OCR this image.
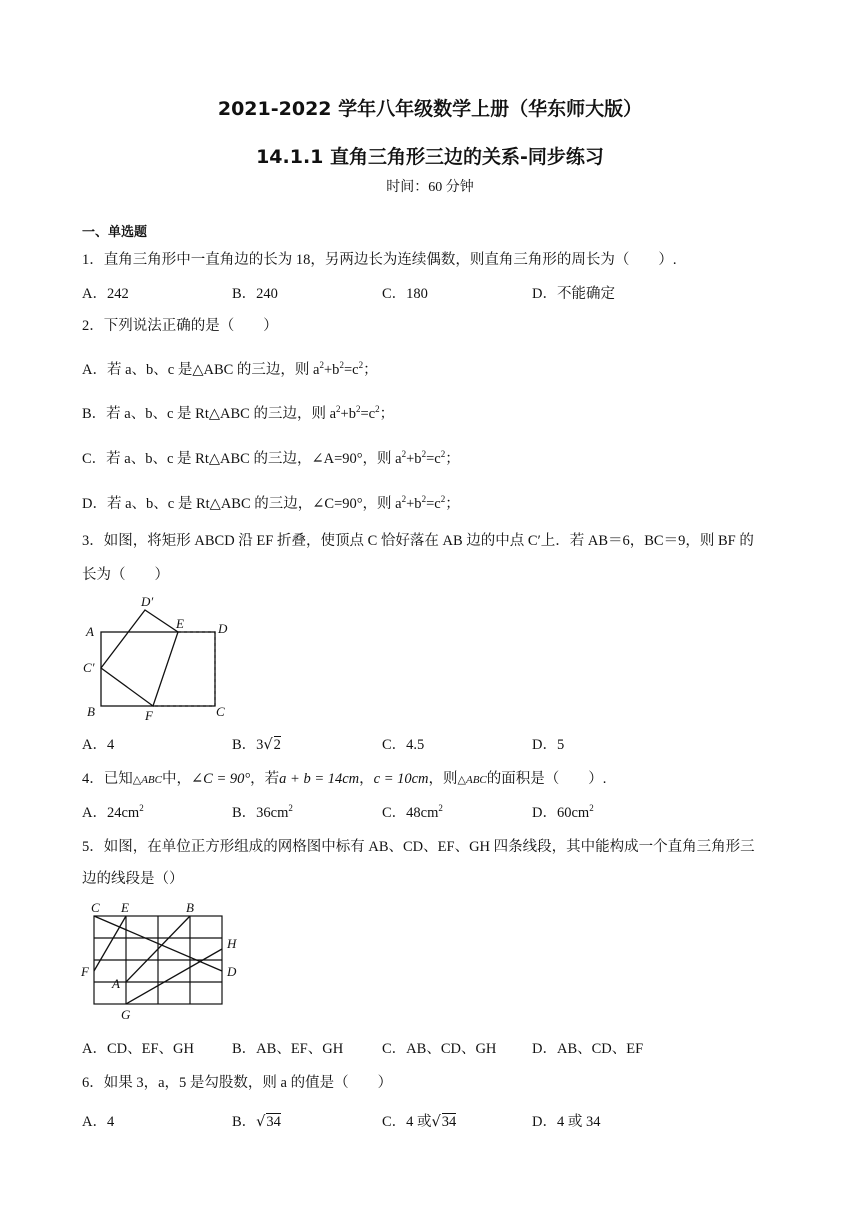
2021-2022 学年八年级数学上册（华东师大版）
14.1.1 直角三角形三边的关系-同步练习
时间：60 分钟
一、单选题
1．直角三角形中一直角边的长为 18，另两边长为连续偶数，则直角三角形的周长为（　　）.
A．242	B．240	C．180	D．不能确定
2．下列说法正确的是（　　）
A．若 a、b、c 是△ABC 的三边，则 $a^2+b^2=c^2$；
B．若 a、b、c 是 Rt△ABC 的三边，则 $a^2+b^2=c^2$；
C．若 a、b、c 是 Rt△ABC 的三边，∠A=90°，则 $a^2+b^2=c^2$；
D．若 a、b、c 是 Rt△ABC 的三边，∠C=90°，则 $a^2+b^2=c^2$；
3．如图，将矩形 ABCD 沿 EF 折叠，使顶点 C 恰好落在 AB 边的中点 C′上．若 AB＝6，BC＝9，则 BF 的
长为（　　）
D′
A
E	D
C′
B	F	C
A．4	B．3√2	C．4.5	D．5
4．已知△ABC中，∠C = 90°，若a + b = 14cm，c = 10cm，则△ABC的面积是（　　）.
A．$24cm^2$	B．$36cm^2$	C．$48cm^2$	D．$60cm^2$
5．如图，在单位正方形组成的网格图中标有 AB、CD、EF、GH 四条线段，其中能构成一个直角三角形三
边的线段是（）
C E	B
H
F
A
D
G
A．CD、EF、GH	B．AB、EF、GH	C．AB、CD、GH D．AB、CD、EF
6．如果 3，a，5 是勾股数，则 a 的值是（　　）
A．4	B．√34	C．4 或√34	D．4 或 34
